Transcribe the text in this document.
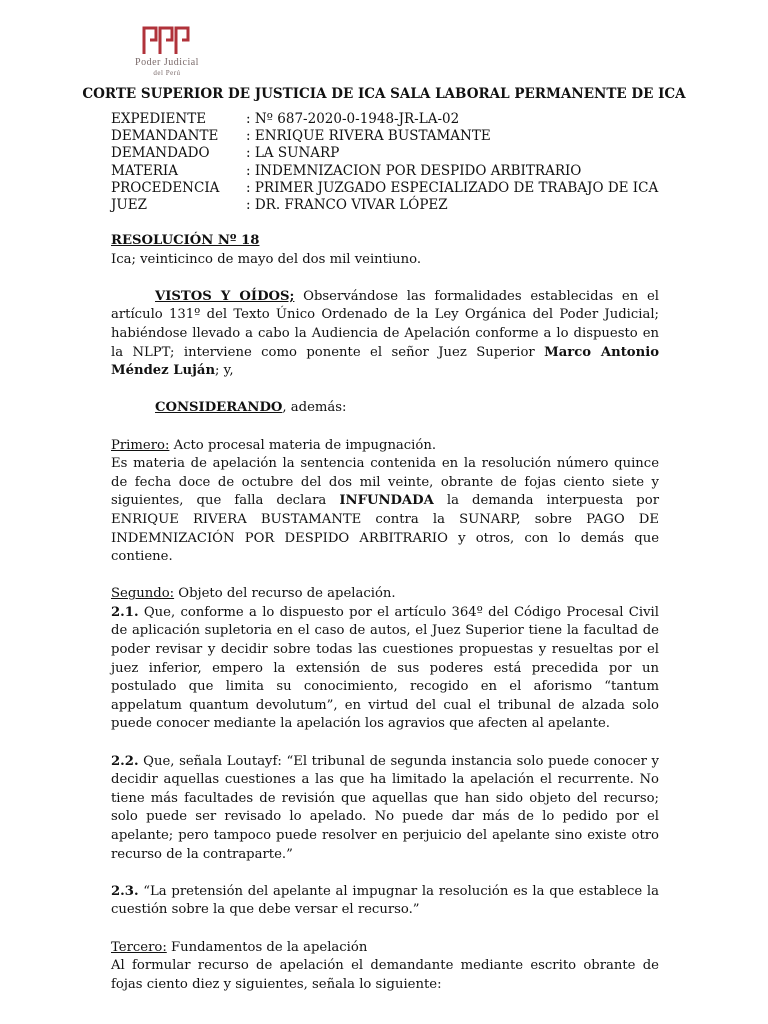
Poder Judicial
del Perú
CORTE SUPERIOR DE JUSTICIA DE ICA SALA LABORAL PERMANENTE DE ICA
EXPEDIENTE	: Nº 687-2020-0-1948-JR-LA-02
DEMANDANTE	: ENRIQUE RIVERA BUSTAMANTE
DEMANDADO	: LA SUNARP
MATERIA	: INDEMNIZACION POR DESPIDO ARBITRARIO
PROCEDENCIA	: PRIMER JUZGADO ESPECIALIZADO DE TRABAJO DE ICA
JUEZ	: DR. FRANCO VIVAR LÓPEZ

RESOLUCIÓN Nº 18

Ica; veinticinco de mayo del dos mil veintiuno.

VISTOS Y OÍDOS; Observándose las formalidades establecidas en el artículo 131º del Texto Único Ordenado de la Ley Orgánica del Poder Judicial; habiéndose llevado a cabo la Audiencia de Apelación conforme a lo dispuesto en la NLPT; interviene como ponente el señor Juez Superior Marco Antonio Méndez Luján; y,

CONSIDERANDO, además:

Primero: Acto procesal materia de impugnación.

Es materia de apelación la sentencia contenida en la resolución número quince de fecha doce de octubre del dos mil veinte, obrante de fojas ciento siete y siguientes, que falla declara INFUNDADA la demanda interpuesta por ENRIQUE RIVERA BUSTAMANTE contra la SUNARP, sobre PAGO DE INDEMNIZACIÓN POR DESPIDO ARBITRARIO y otros, con lo demás que contiene.

Segundo: Objeto del recurso de apelación.

2.1. Que, conforme a lo dispuesto por el artículo 364º del Código Procesal Civil de aplicación supletoria en el caso de autos, el Juez Superior tiene la facultad de poder revisar y decidir sobre todas las cuestiones propuestas y resueltas por el juez inferior, empero la extensión de sus poderes está precedida por un postulado que limita su conocimiento, recogido en el aforismo “tantum appelatum quantum devolutum”, en virtud del cual el tribunal de alzada solo puede conocer mediante la apelación los agravios que afecten al apelante.

2.2. Que, señala Loutayf: “El tribunal de segunda instancia solo puede conocer y decidir aquellas cuestiones a las que ha limitado la apelación el recurrente. No tiene más facultades de revisión que aquellas que han sido objeto del recurso; solo puede ser revisado lo apelado. No puede dar más de lo pedido por el apelante; pero tampoco puede resolver en perjuicio del apelante sino existe otro recurso de la contraparte.”

2.3. “La pretensión del apelante al impugnar la resolución es la que establece la cuestión sobre la que debe versar el recurso.”

Tercero: Fundamentos de la apelación

Al formular recurso de apelación el demandante mediante escrito obrante de fojas ciento diez y siguientes, señala lo siguiente:
